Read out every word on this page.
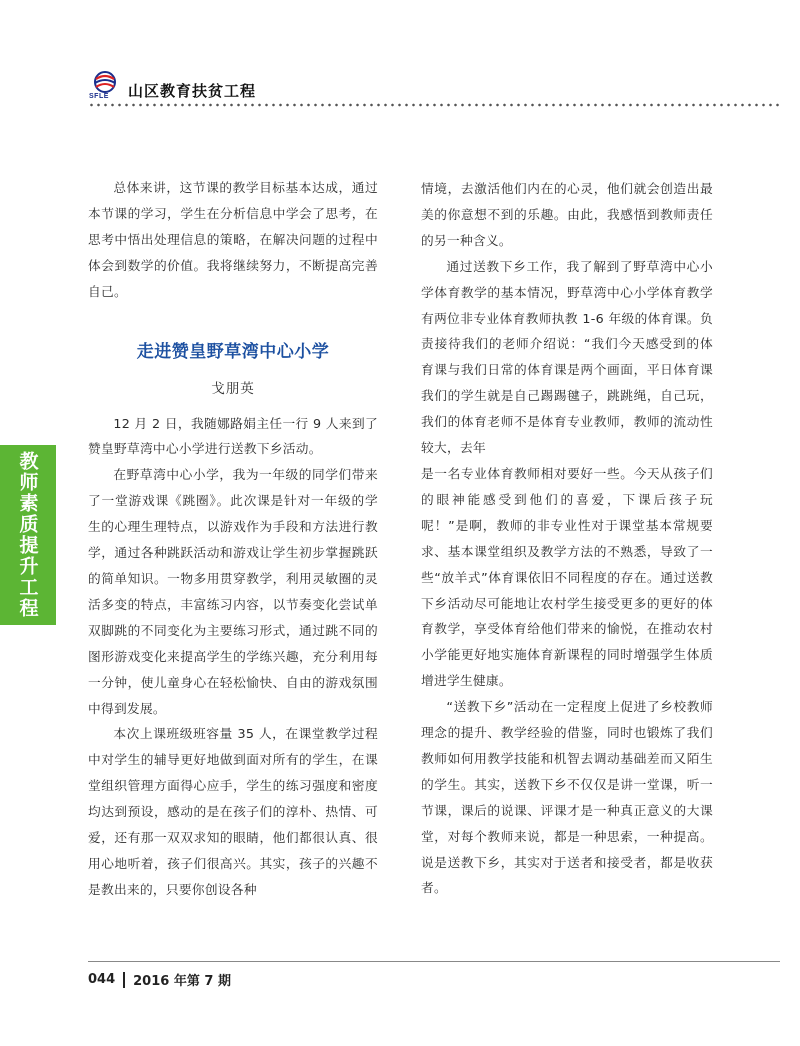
SFLE 山区教育扶贫工程
教师素质提升工程

总体来讲，这节课的教学目标基本达成，通过本节课的学习，学生在分析信息中学会了思考，在思考中悟出处理信息的策略，在解决问题的过程中体会到数学的价值。我将继续努力，不断提高完善自己。

走进赞皇野草湾中心小学
戈朋英

12 月 2 日，我随娜路娟主任一行 9 人来到了赞皇野草湾中心小学进行送教下乡活动。

在野草湾中心小学，我为一年级的同学们带来了一堂游戏课《跳圈》。此次课是针对一年级的学生的心理生理特点，以游戏作为手段和方法进行教学，通过各种跳跃活动和游戏让学生初步掌握跳跃的简单知识。一物多用贯穿教学，利用灵敏圈的灵活多变的特点，丰富练习内容，以节奏变化尝试单双脚跳的不同变化为主要练习形式，通过跳不同的图形游戏变化来提高学生的学练兴趣，充分利用每一分钟，使儿童身心在轻松愉快、自由的游戏氛围中得到发展。

本次上课班级班容量 35 人，在课堂教学过程中对学生的辅导更好地做到面对所有的学生，在课堂组织管理方面得心应手，学生的练习强度和密度均达到预设，感动的是在孩子们的淳朴、热情、可爱，还有那一双双求知的眼睛，他们都很认真、很用心地听着，孩子们很高兴。其实，孩子的兴趣不是教出来的，只要你创设各种

情境，去激活他们内在的心灵，他们就会创造出最美的你意想不到的乐趣。由此，我感悟到教师责任的另一种含义。

通过送教下乡工作，我了解到了野草湾中心小学体育教学的基本情况，野草湾中心小学体育教学有两位非专业体育教师执教 1-6 年级的体育课。负责接待我们的老师介绍说：“我们今天感受到的体育课与我们日常的体育课是两个画面，平日体育课我们的学生就是自己踢踢毽子，跳跳绳，自己玩，我们的体育老师不是体育专业教师，教师的流动性较大，去年

是一名专业体育教师相对要好一些。今天从孩子们的眼神能感受到他们的喜爱，下课后孩子玩呢！”是啊，教师的非专业性对于课堂基本常规要求、基本课堂组织及教学方法的不熟悉，导致了一些“放羊式”体育课依旧不同程度的存在。通过送教下乡活动尽可能地让农村学生接受更多的更好的体育教学，享受体育给他们带来的愉悦，在推动农村小学能更好地实施体育新课程的同时增强学生体质增进学生健康。

“送教下乡”活动在一定程度上促进了乡校教师理念的提升、教学经验的借鉴，同时也锻炼了我们教师如何用教学技能和机智去调动基础差而又陌生的学生。其实，送教下乡不仅仅是讲一堂课，听一节课，课后的说课、评课才是一种真正意义的大课堂，对每个教师来说，都是一种思索，一种提高。说是送教下乡，其实对于送者和接受者，都是收获者。

044 2016 年第 7 期
